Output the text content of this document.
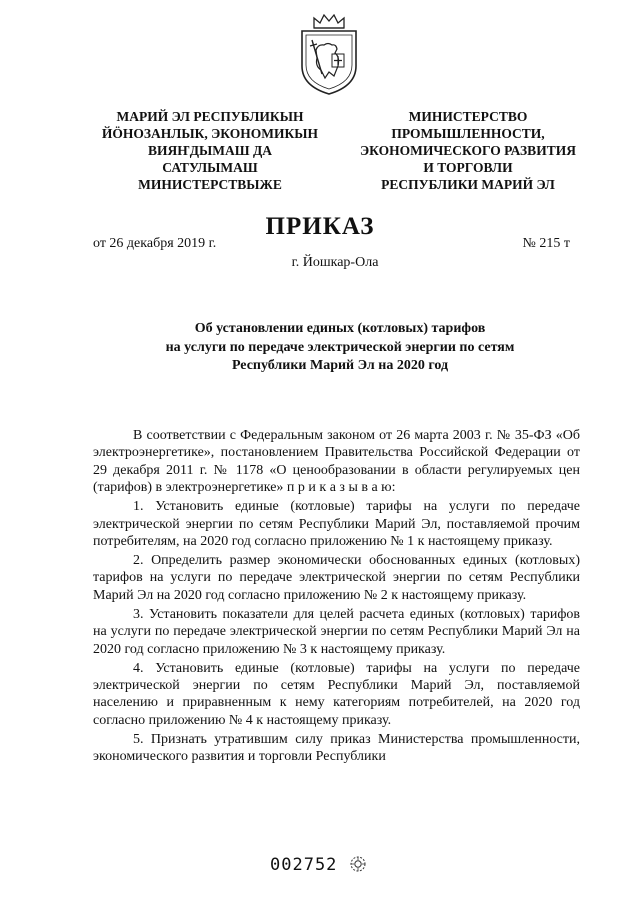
МАРИЙ ЭЛ РЕСПУБЛИКЫН
ЙӦНОЗАНЛЫК, ЭКОНОМИКЫН
ВИЯҤДЫМАШ ДА
САТУЛЫМАШ
МИНИСТЕРСТВЫЖЕ
МИНИСТЕРСТВО
ПРОМЫШЛЕННОСТИ,
ЭКОНОМИЧЕСКОГО РАЗВИТИЯ
И ТОРГОВЛИ
РЕСПУБЛИКИ МАРИЙ ЭЛ
ПРИКАЗ
от 26 декабря 2019 г.	№ 215 т
г. Йошкар-Ола
Об установлении единых (котловых) тарифов
на услуги по передаче электрической энергии по сетям
Республики Марий Эл на 2020 год

В соответствии с Федеральным законом от 26 марта 2003 г. № 35-ФЗ «Об электроэнергетике», постановлением Правительства Российской Федерации от 29 декабря 2011 г. № 1178 «О ценообразовании в области регулируемых цен (тарифов) в электроэнергетике» п р и к а з ы в а ю:

1. Установить единые (котловые) тарифы на услуги по передаче электрической энергии по сетям Республики Марий Эл, поставляемой прочим потребителям, на 2020 год согласно приложению № 1 к настоящему приказу.

2. Определить размер экономически обоснованных единых (котловых) тарифов на услуги по передаче электрической энергии по сетям Республики Марий Эл на 2020 год согласно приложению № 2 к настоящему приказу.

3. Установить показатели для целей расчета единых (котловых) тарифов на услуги по передаче электрической энергии по сетям Республики Марий Эл на 2020 год согласно приложению № 3 к настоящему приказу.

4. Установить единые (котловые) тарифы на услуги по передаче электрической энергии по сетям Республики Марий Эл, поставляемой населению и приравненным к нему категориям потребителей, на 2020 год согласно приложению № 4 к настоящему приказу.

5. Признать утратившим силу приказ Министерства промышленности, экономического развития и торговли Республики

002752
